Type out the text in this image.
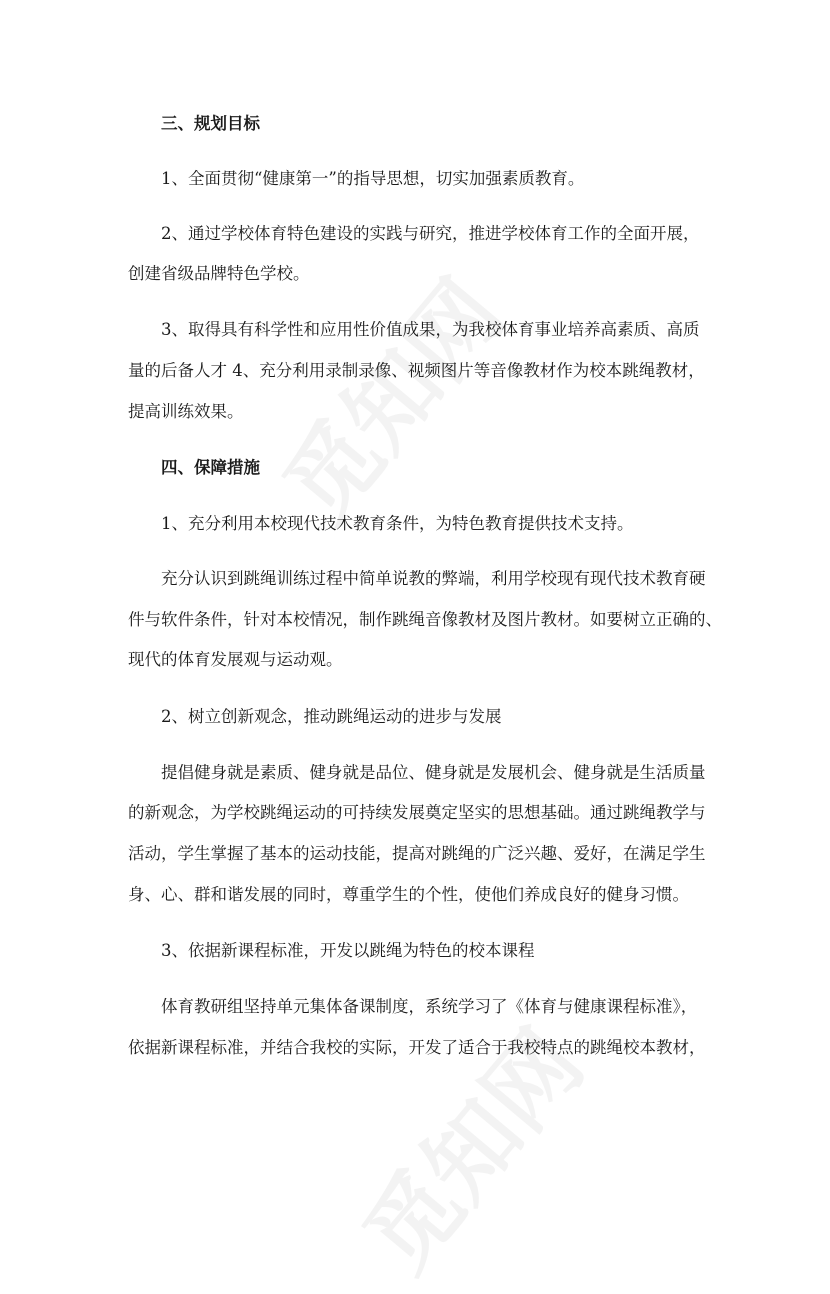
三、规划目标
1、全面贯彻“健康第一”的指导思想，切实加强素质教育。
2、通过学校体育特色建设的实践与研究，推进学校体育工作的全面开展，
创建省级品牌特色学校。
3、取得具有科学性和应用性价值成果，为我校体育事业培养高素质、高质
量的后备人才 4、充分利用录制录像、视频图片等音像教材作为校本跳绳教材，
提高训练效果。
四、保障措施
1、充分利用本校现代技术教育条件，为特色教育提供技术支持。
充分认识到跳绳训练过程中简单说教的弊端，利用学校现有现代技术教育硬
件与软件条件，针对本校情况，制作跳绳音像教材及图片教材。如要树立正确的、
现代的体育发展观与运动观。
2、树立创新观念，推动跳绳运动的进步与发展
提倡健身就是素质、健身就是品位、健身就是发展机会、健身就是生活质量
的新观念，为学校跳绳运动的可持续发展奠定坚实的思想基础。通过跳绳教学与
活动，学生掌握了基本的运动技能，提高对跳绳的广泛兴趣、爱好，在满足学生
身、心、群和谐发展的同时，尊重学生的个性，使他们养成良好的健身习惯。
3、依据新课程标准，开发以跳绳为特色的校本课程
体育教研组坚持单元集体备课制度，系统学习了《体育与健康课程标准》，
依据新课程标准，并结合我校的实际，开发了适合于我校特点的跳绳校本教材，
